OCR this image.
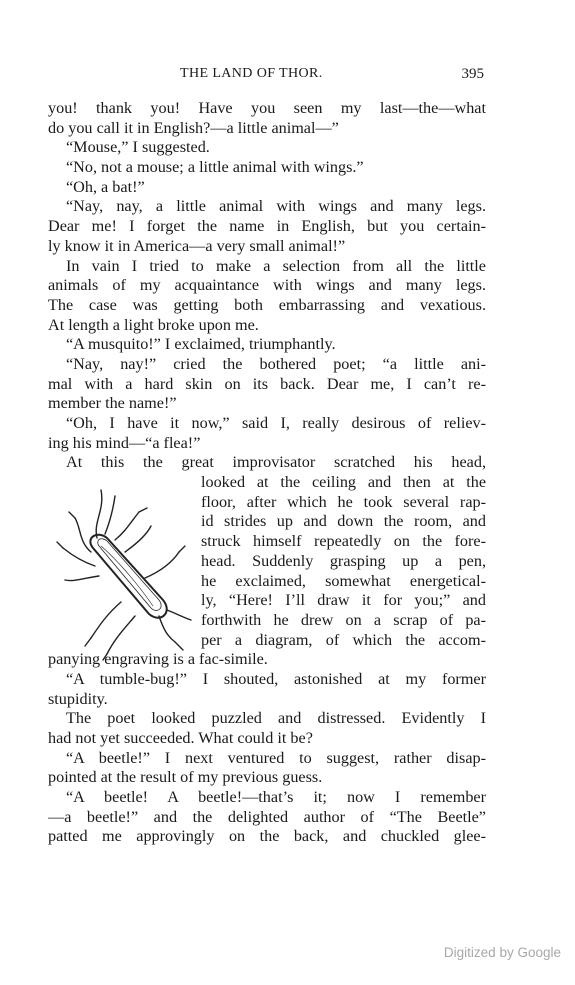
THE LAND OF THOR.	395
you! thank you! Have you seen my last—the—what
do you call it in English?—a little animal—”
“Mouse,” I suggested.
“No, not a mouse; a little animal with wings.”
“Oh, a bat!”
“Nay, nay, a little animal with wings and many legs.
Dear me! I forget the name in English, but you certain-
ly know it in America—a very small animal!”
In vain I tried to make a selection from all the little
animals of my acquaintance with wings and many legs.
The case was getting both embarrassing and vexatious.
At length a light broke upon me.
“A musquito!” I exclaimed, triumphantly.
“Nay, nay!” cried the bothered poet; “a little ani-
mal with a hard skin on its back. Dear me, I can’t re-
member the name!”
“Oh, I have it now,” said I, really desirous of reliev-
ing his mind—“a flea!”
At this the great improvisator scratched his head,
looked at the ceiling and then at the
floor, after which he took several rap-
id strides up and down the room, and
struck himself repeatedly on the fore-
head. Suddenly grasping up a pen,
he exclaimed, somewhat energetical-
ly, “Here! I’ll draw it for you;” and
forthwith he drew on a scrap of pa-
per a diagram, of which the accom-
panying engraving is a fac-simile.
“A tumble-bug!” I shouted, astonished at my former
stupidity.
The poet looked puzzled and distressed. Evidently I
had not yet succeeded. What could it be?
“A beetle!” I next ventured to suggest, rather disap-
pointed at the result of my previous guess.
“A beetle! A beetle!—that’s it; now I remember
—a beetle!” and the delighted author of “The Beetle”
patted me approvingly on the back, and chuckled glee-
Digitized by Google
